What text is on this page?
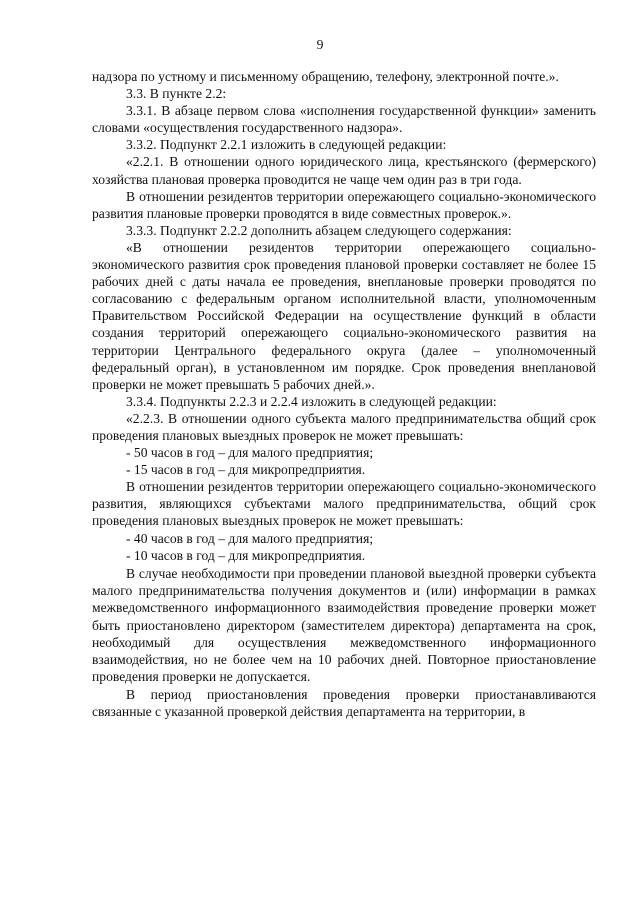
9

надзора по устному и письменному обращению, телефону, электронной почте.».

3.3. В пункте 2.2:

3.3.1. В абзаце первом слова «исполнения государственной функции» заменить словами «осуществления государственного надзора».

3.3.2. Подпункт 2.2.1 изложить в следующей редакции:

«2.2.1. В отношении одного юридического лица, крестьянского (фермерского) хозяйства плановая проверка проводится не чаще чем один раз в три года.

В отношении резидентов территории опережающего социально-экономического развития плановые проверки проводятся в виде совместных проверок.».

3.3.3. Подпункт 2.2.2 дополнить абзацем следующего содержания:

«В отношении резидентов территории опережающего социально-экономического развития срок проведения плановой проверки составляет не более 15 рабочих дней с даты начала ее проведения, внеплановые проверки проводятся по согласованию с федеральным органом исполнительной власти, уполномоченным Правительством Российской Федерации на осуществление функций в области создания территорий опережающего социально-экономического развития на территории Центрального федерального округа (далее – уполномоченный федеральный орган), в установленном им порядке. Срок проведения внеплановой проверки не может превышать 5 рабочих дней.».

3.3.4. Подпункты 2.2.3 и 2.2.4 изложить в следующей редакции:

«2.2.3. В отношении одного субъекта малого предпринимательства общий срок проведения плановых выездных проверок не может превышать:

- 50 часов в год – для малого предприятия;

- 15 часов в год – для микропредприятия.

В отношении резидентов территории опережающего социально-экономического развития, являющихся субъектами малого предпринимательства, общий срок проведения плановых выездных проверок не может превышать:

- 40 часов в год – для малого предприятия;

- 10 часов в год – для микропредприятия.

В случае необходимости при проведении плановой выездной проверки субъекта малого предпринимательства получения документов и (или) информации в рамках межведомственного информационного взаимодействия проведение проверки может быть приостановлено директором (заместителем директора) департамента на срок, необходимый для осуществления межведомственного информационного взаимодействия, но не более чем на 10 рабочих дней. Повторное приостановление проведения проверки не допускается.

В период приостановления проведения проверки приостанавливаются связанные с указанной проверкой действия департамента на территории, в
